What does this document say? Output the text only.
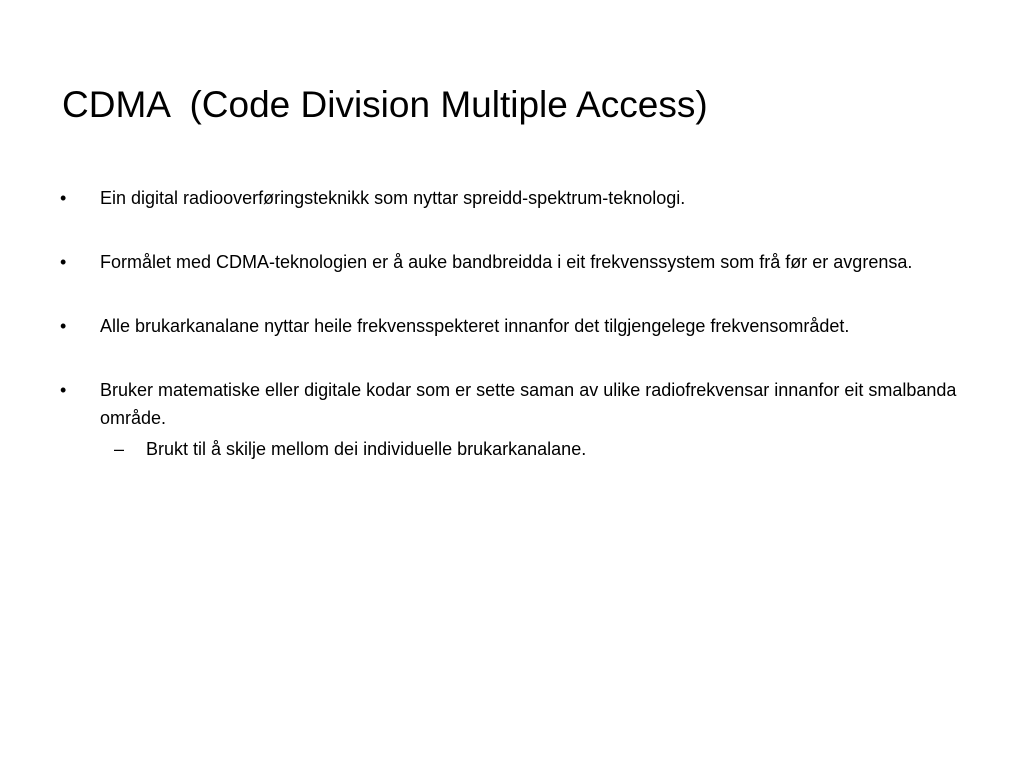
CDMA  (Code Division Multiple Access)
•	Ein digital radiooverføringsteknikk som nyttar spreidd-spektrum-teknologi.
•	Formålet med CDMA-teknologien er å auke bandbreidda i eit frekvenssystem som frå før er avgrensa.
•	Alle brukarkanalane nyttar heile frekvensspekteret innanfor det tilgjengelege frekvensområdet.
•	Bruker matematiske eller digitale kodar som er sette saman av ulike radiofrekvensar innanfor eit smalbanda område.
–	Brukt til å skilje mellom dei individuelle brukarkanalane.
